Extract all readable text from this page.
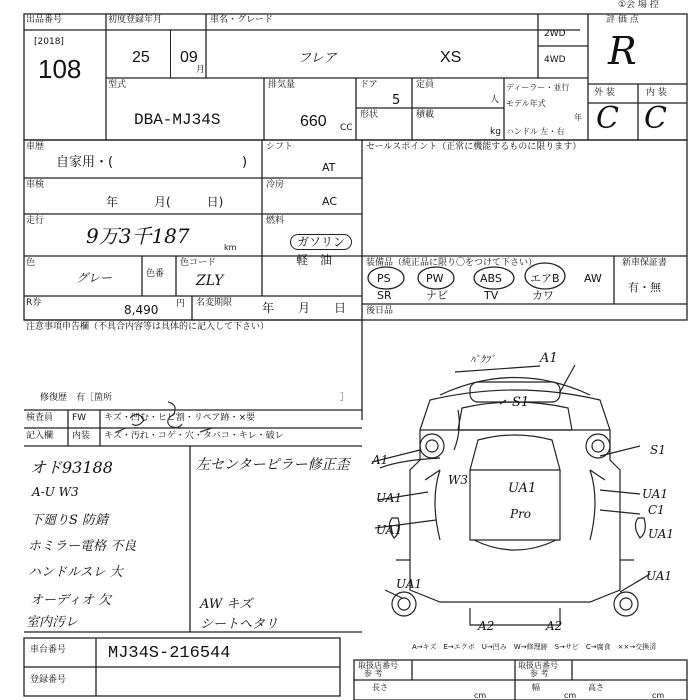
出品番号
[2018]
108
初度登録年月
25 09
月
車名・グレード
フレア	XS
2WD
4WD
評 価 点
R
①会 場 控
型式
DBA-MJ34S
排気量
660 CC
ドア
5
定員
人
形状	積載
kg
ディーラー・並行
モデル年式
年
ハンドル 左・右
外 装	内 装
C C
車歴
自家用・(	)
シフト
AT
車検
年　　　月(　　　日)
冷房
AC
走行
9万3千187	km
燃料
ガソリン
軽　油
色
グレー	色番
色コード
ZLY
R券	8,490 円 名変期限 年　　月　　日
セールスポイント（正常に機能するものに限ります）
注意事項申告欄（不具合内容等は具体的に記入して下さい）
修復歴　有［箇所	］
後日品
装備品（純正品に限り〇をつけて下さい）	新車保証書
有・無
PS	PW	ABS	エアB AW
SR	ナビ	TV	カワ
検査員
記入欄
FW キズ・凹む・ヒビ割・リペア跡・×要
内装 キズ・汚れ・コゲ・穴・タバコ・キレ・破レ
オド93188
A-U W3
下廻りS 防錆
ホミラー電格 不良
ハンドルスレ 大
オーディオ 欠
室内汚レ
左センターピラー修正歪
AW キズ
シートへタリ
ﾊﾞｸﾌﾞ	A1
S1
W3
UA1
Pro
UA1	UA1
C1
UA1	UA1
UA1
A2	A2
S1
A1
UA1
A→キズ　E→エクボ　U→凹み　W→修理跡　S→サビ　C→腐食　××→交換済
車台番号 MJ34S-216544
登録番号
取扱店番号	取扱店番号
参 考	参 考
長さ
cm
幅
cm
高さ
cm
